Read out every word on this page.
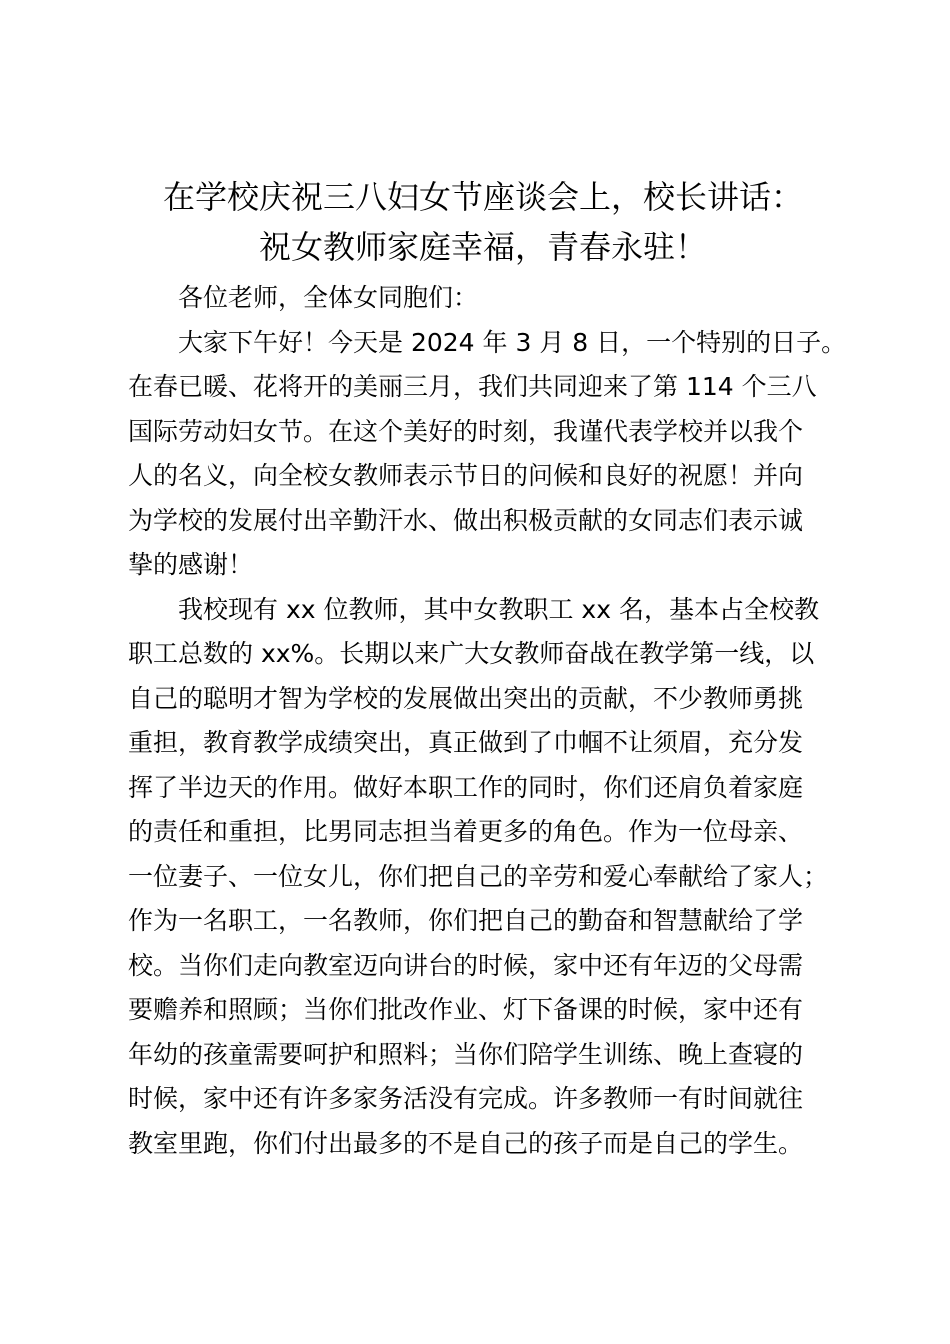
在学校庆祝三八妇女节座谈会上，校长讲话：
祝女教师家庭幸福，青春永驻！

各位老师，全体女同胞们：

大家下午好！今天是 2024 年 3 月 8 日，一个特别的日子。
在春已暖、花将开的美丽三月，我们共同迎来了第 114 个三八
国际劳动妇女节。在这个美好的时刻，我谨代表学校并以我个
人的名义，向全校女教师表示节日的问候和良好的祝愿！并向
为学校的发展付出辛勤汗水、做出积极贡献的女同志们表示诚
挚的感谢！

我校现有 xx 位教师，其中女教职工 xx 名，基本占全校教
职工总数的 xx%。长期以来广大女教师奋战在教学第一线，以
自己的聪明才智为学校的发展做出突出的贡献，不少教师勇挑
重担，教育教学成绩突出，真正做到了巾帼不让须眉，充分发
挥了半边天的作用。做好本职工作的同时，你们还肩负着家庭
的责任和重担，比男同志担当着更多的角色。作为一位母亲、
一位妻子、一位女儿，你们把自己的辛劳和爱心奉献给了家人；
作为一名职工，一名教师，你们把自己的勤奋和智慧献给了学
校。当你们走向教室迈向讲台的时候，家中还有年迈的父母需
要赡养和照顾；当你们批改作业、灯下备课的时候，家中还有
年幼的孩童需要呵护和照料；当你们陪学生训练、晚上查寝的
时候，家中还有许多家务活没有完成。许多教师一有时间就往
教室里跑，你们付出最多的不是自己的孩子而是自己的学生。
